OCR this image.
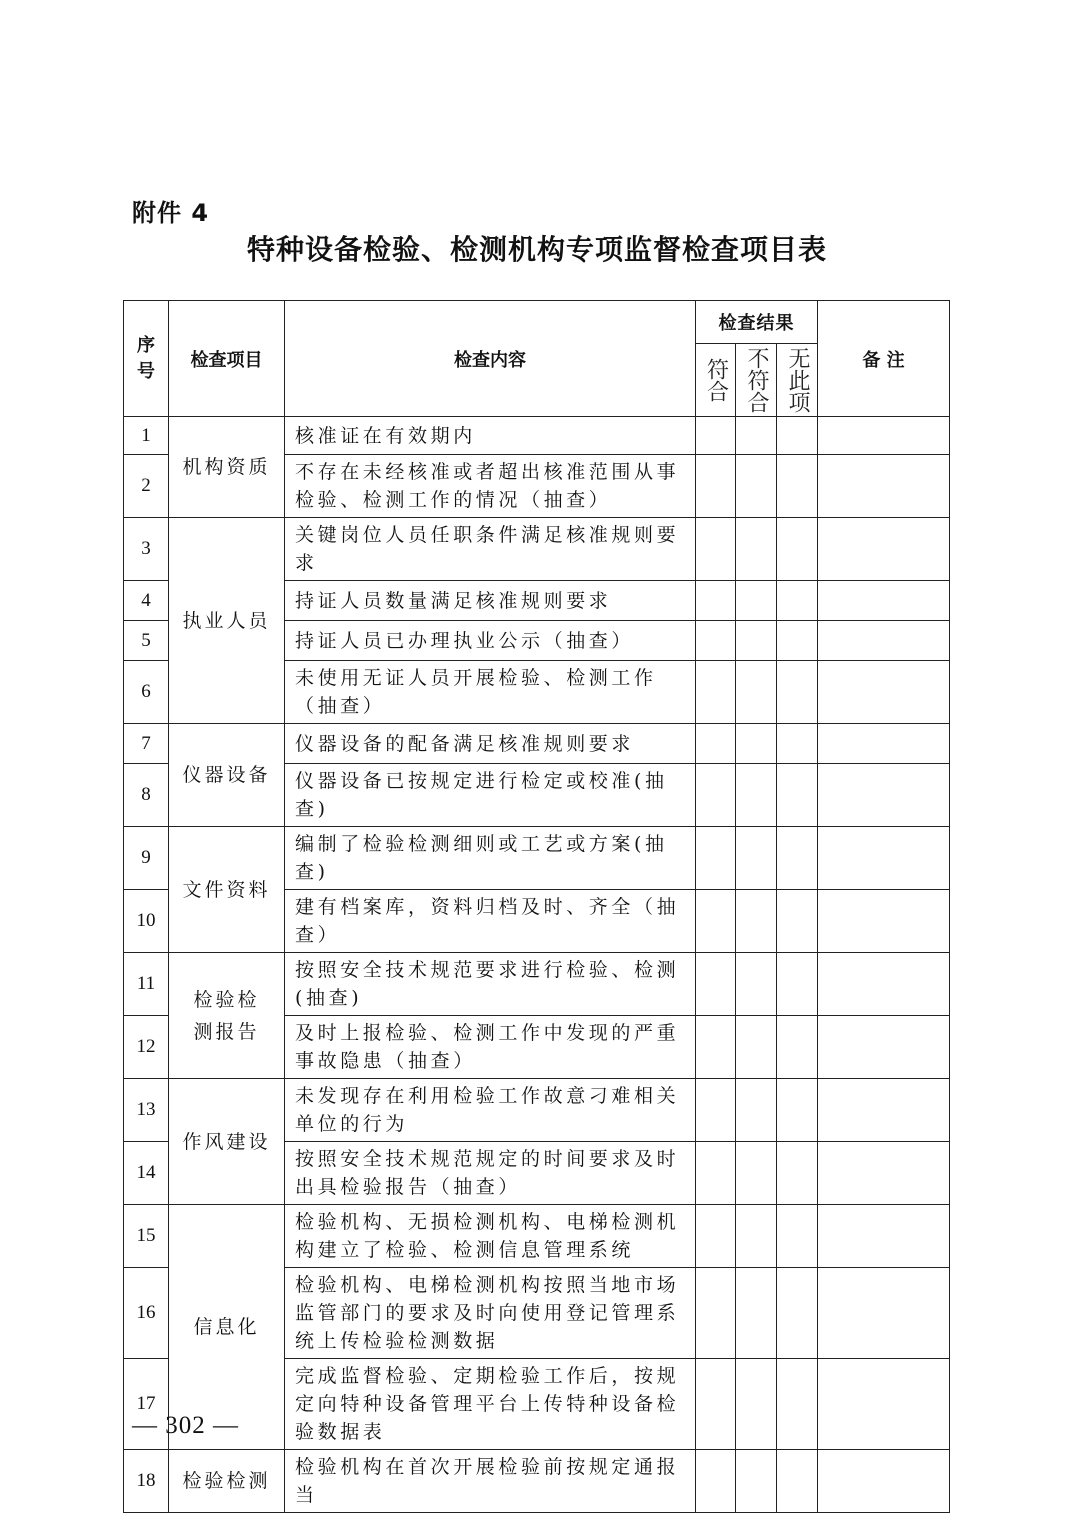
附件 4
特种设备检验、检测机构专项监督检查项目表
序号	检查项目	检查内容	检查结果			备 注

			符合	不符合	无此项	

1	机构资质	核准证在有效期内				
2		不存在未经核准或者超出核准范围从事检验、检测工作的情况（抽查）				
3	执业人员	关键岗位人员任职条件满足核准规则要求				
4		持证人员数量满足核准规则要求				
5		持证人员已办理执业公示（抽查）				
6		未使用无证人员开展检验、检测工作（抽查）				
7	仪器设备	仪器设备的配备满足核准规则要求				
8		仪器设备已按规定进行检定或校准(抽查)				
9	文件资料	编制了检验检测细则或工艺或方案(抽查)				
10		建有档案库，资料归档及时、齐全（抽查）				
11	检验检测报告	按照安全技术规范要求进行检验、检测(抽查)				
12		及时上报检验、检测工作中发现的严重事故隐患（抽查）				
13	作风建设	未发现存在利用检验工作故意刁难相关单位的行为				
14		按照安全技术规范规定的时间要求及时出具检验报告（抽查）				
15	信息化	检验机构、无损检测机构、电梯检测机构建立了检验、检测信息管理系统				
16		检验机构、电梯检测机构按照当地市场监管部门的要求及时向使用登记管理系统上传检验检测数据				
17		完成监督检验、定期检验工作后，按规定向特种设备管理平台上传特种设备检验数据表				
18	检验检测	检验机构在首次开展检验前按规定通报当				
— 302 —
